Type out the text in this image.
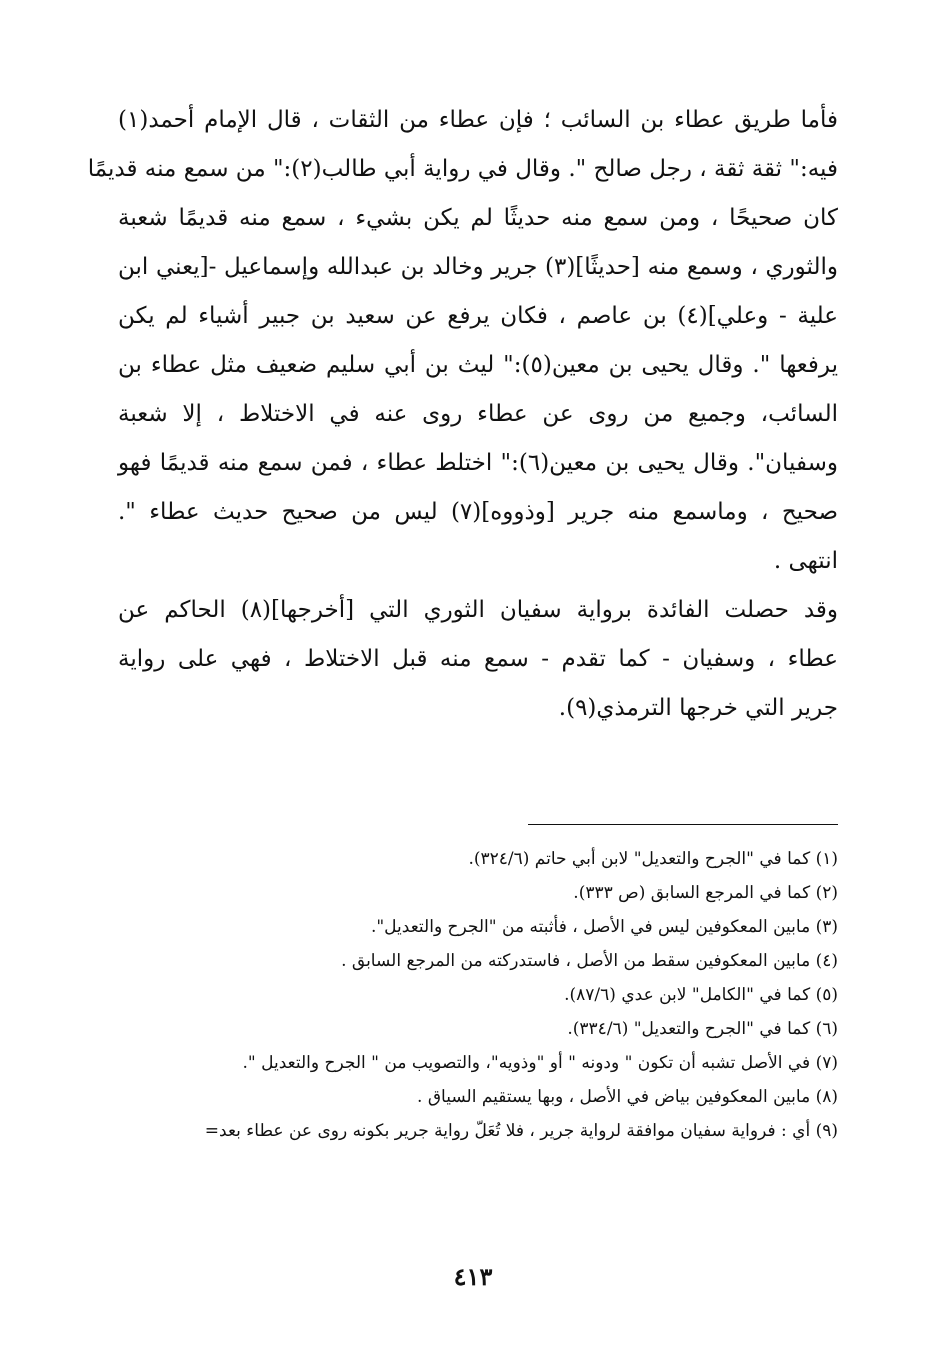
فأما طريق عطاء بن السائب ؛ فإن عطاء من الثقات ، قال الإمام أحمد(١)
فيه:" ثقة ثقة ، رجل صالح ". وقال في رواية أبي طالب(٢):" من سمع منه قديمًا
كان صحيحًا ، ومن سمع منه حديثًا لم يكن بشيء ، سمع منه قديمًا شعبة
والثوري ، وسمع منه [حديثًا](٣) جرير وخالد بن عبدالله وإسماعيل -[يعني ابن
علية - وعلي](٤) بن عاصم ، فكان يرفع عن سعيد بن جبير أشياء لم يكن
يرفعها ". وقال يحيى بن معين(٥):" ليث بن أبي سليم ضعيف مثل عطاء بن
السائب، وجميع من روى عن عطاء روى عنه في الاختلاط ، إلا شعبة
وسفيان". وقال يحيى بن معين(٦):" اختلط عطاء ، فمن سمع منه قديمًا فهو
صحيح ، وماسمع منه جرير [وذووه](٧) ليس من صحيح حديث عطاء ".
انتهى .
وقد حصلت الفائدة برواية سفيان الثوري التي [أخرجها](٨) الحاكم عن
عطاء ، وسفيان - كما تقدم - سمع منه قبل الاختلاط ، فهي على رواية
جرير التي خرجها الترمذي(٩).
(١) كما في "الجرح والتعديل" لابن أبي حاتم (٣٢٤/٦).
(٢) كما في المرجع السابق (ص ٣٣٣).
(٣) مابين المعكوفين ليس في الأصل ، فأثبته من "الجرح والتعديل".
(٤) مابين المعكوفين سقط من الأصل ، فاستدركته من المرجع السابق .
(٥) كما في "الكامل" لابن عدي (٨٧/٦).
(٦) كما في "الجرح والتعديل" (٣٣٤/٦).
(٧) في الأصل تشبه أن تكون " ودونه " أو "وذويه"، والتصويب من " الجرح والتعديل ".
(٨) مابين المعكوفين بياض في الأصل ، وبها يستقيم السياق .
(٩) أي : فرواية سفيان موافقة لرواية جرير ، فلا تُعَلّ رواية جرير بكونه روى عن عطاء بعد=
٤١٣
